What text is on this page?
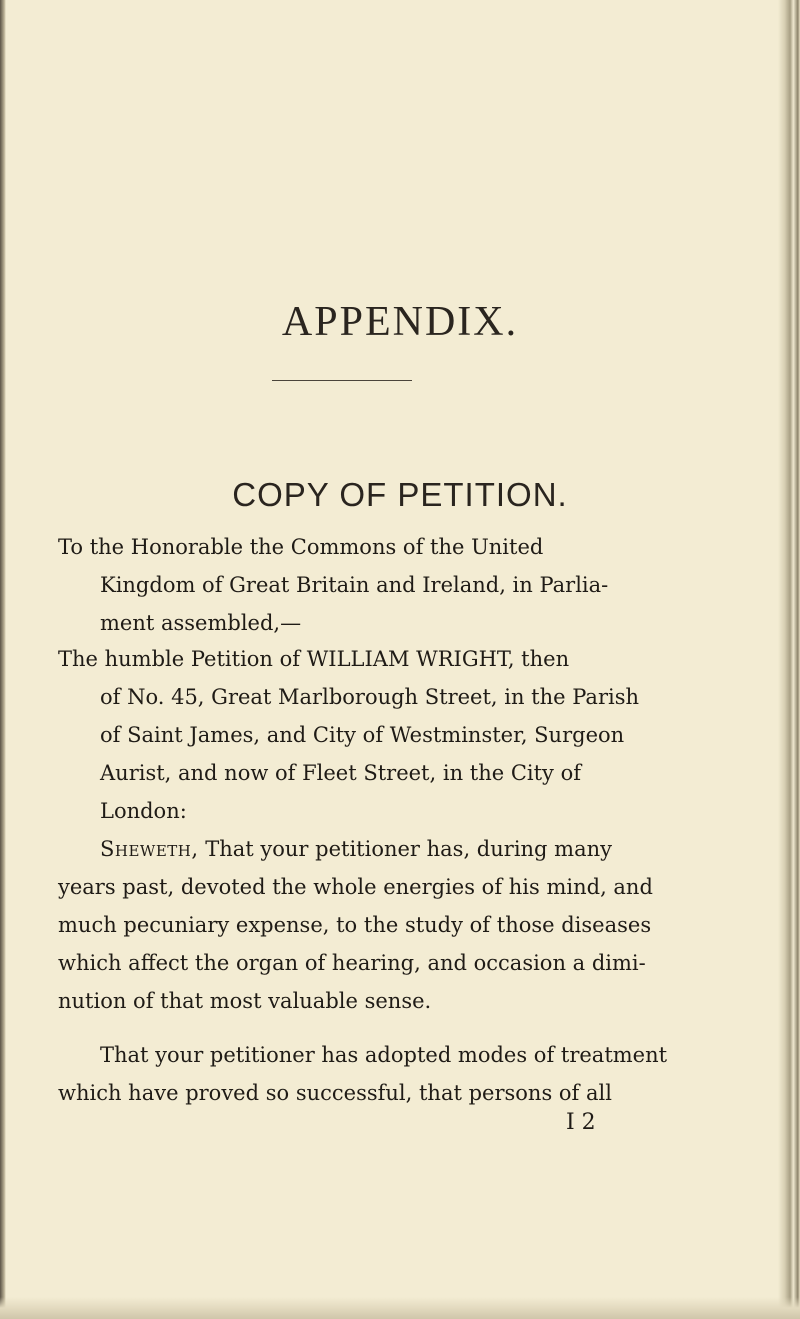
APPENDIX.
COPY OF PETITION.

To the Honorable the Commons of the United
Kingdom of Great Britain and Ireland, in Parlia-
ment assembled,—

The humble Petition of WILLIAM WRIGHT, then
of No. 45, Great Marlborough Street, in the Parish
of Saint James, and City of Westminster, Surgeon
Aurist, and now of Fleet Street, in the City of
London:

Sheweth, That your petitioner has, during many
years past, devoted the whole energies of his mind, and
much pecuniary expense, to the study of those diseases
which affect the organ of hearing, and occasion a dimi-
nution of that most valuable sense.

That your petitioner has adopted modes of treatment
which have proved so successful, that persons of all

I 2
